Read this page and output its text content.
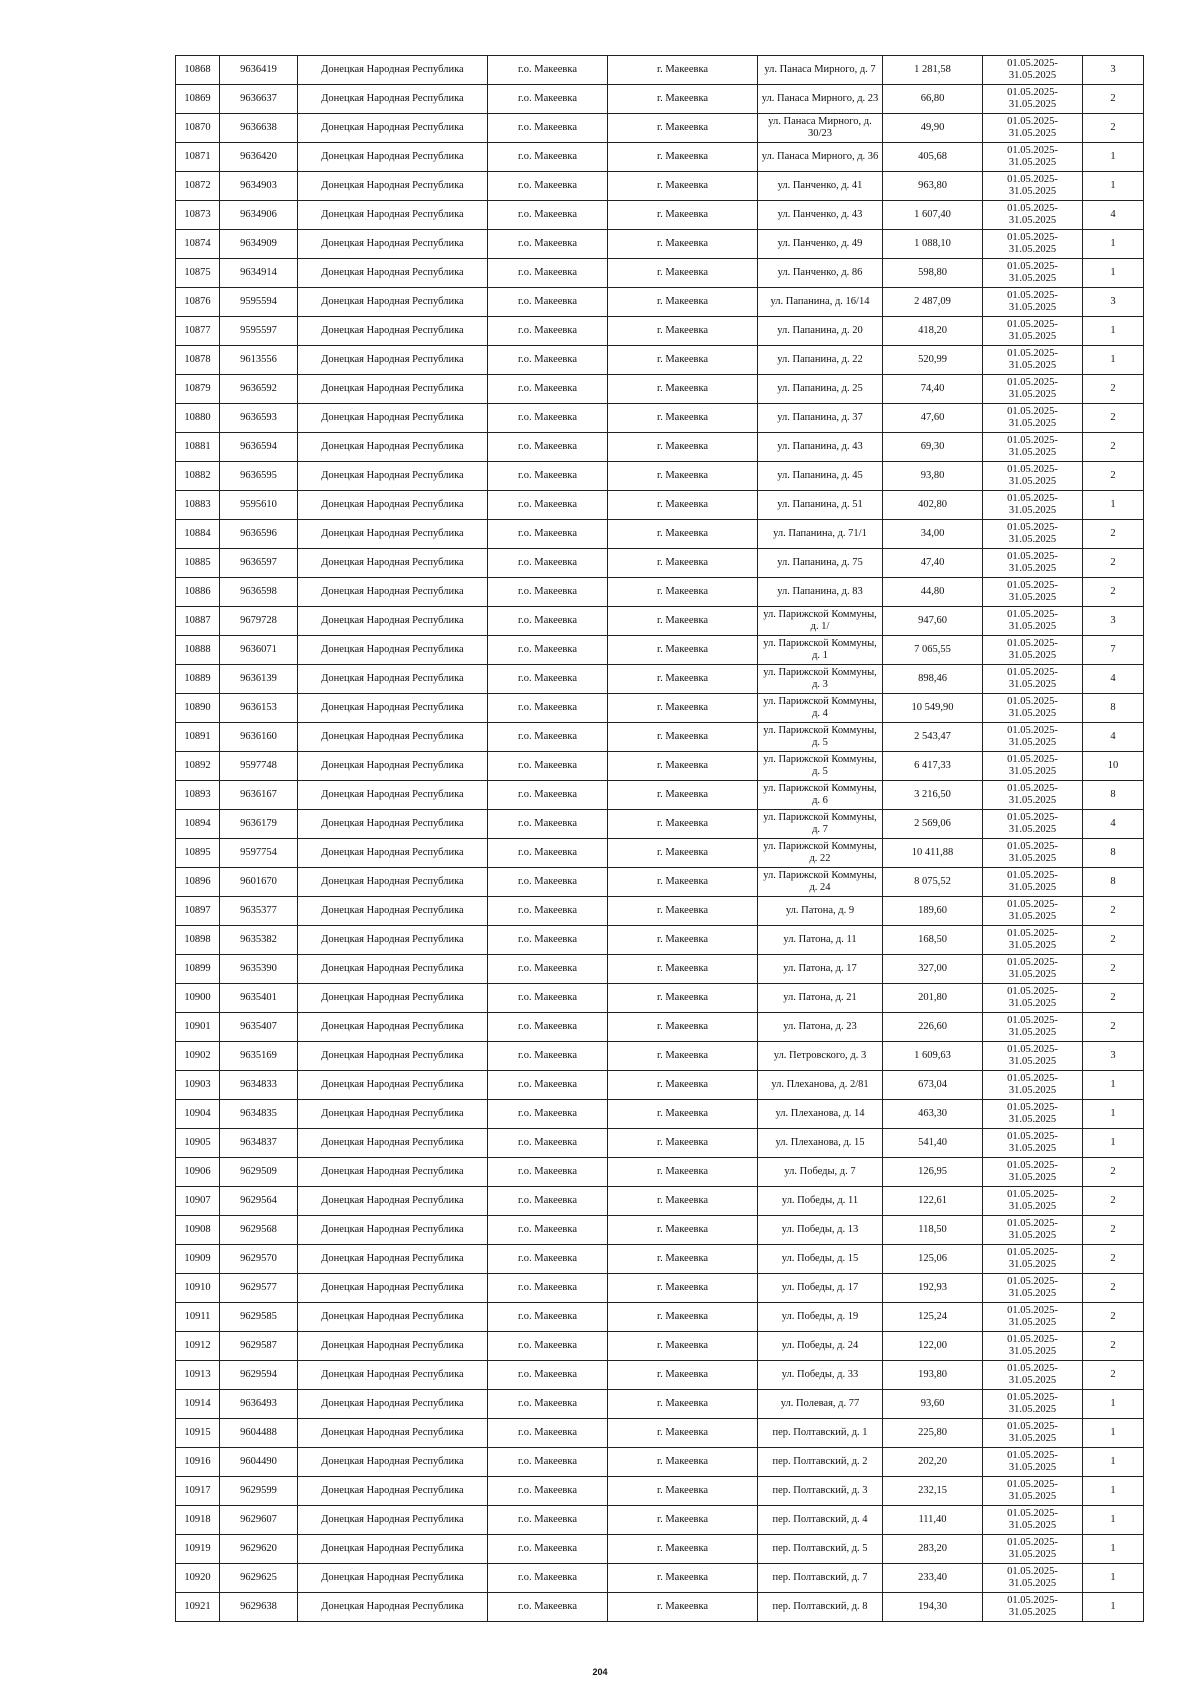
10868	9636419	Донецкая Народная Республика	г.о. Макеевка	г. Макеевка	ул. Панаса Мирного, д. 7	1 281,58	01.05.2025- 31.05.2025	3
10869	9636637	Донецкая Народная Республика	г.о. Макеевка	г. Макеевка	ул. Панаса Мирного, д. 23	66,80	01.05.2025- 31.05.2025	2
10870	9636638	Донецкая Народная Республика	г.о. Макеевка	г. Макеевка	ул. Панаса Мирного, д. 30/23	49,90	01.05.2025- 31.05.2025	2
10871	9636420	Донецкая Народная Республика	г.о. Макеевка	г. Макеевка	ул. Панаса Мирного, д. 36	405,68	01.05.2025- 31.05.2025	1
10872	9634903	Донецкая Народная Республика	г.о. Макеевка	г. Макеевка	ул. Панченко, д. 41	963,80	01.05.2025- 31.05.2025	1
10873	9634906	Донецкая Народная Республика	г.о. Макеевка	г. Макеевка	ул. Панченко, д. 43	1 607,40	01.05.2025- 31.05.2025	4
10874	9634909	Донецкая Народная Республика	г.о. Макеевка	г. Макеевка	ул. Панченко, д. 49	1 088,10	01.05.2025- 31.05.2025	1
10875	9634914	Донецкая Народная Республика	г.о. Макеевка	г. Макеевка	ул. Панченко, д. 86	598,80	01.05.2025- 31.05.2025	1
10876	9595594	Донецкая Народная Республика	г.о. Макеевка	г. Макеевка	ул. Папанина, д. 16/14	2 487,09	01.05.2025- 31.05.2025	3
10877	9595597	Донецкая Народная Республика	г.о. Макеевка	г. Макеевка	ул. Папанина, д. 20	418,20	01.05.2025- 31.05.2025	1
10878	9613556	Донецкая Народная Республика	г.о. Макеевка	г. Макеевка	ул. Папанина, д. 22	520,99	01.05.2025- 31.05.2025	1
10879	9636592	Донецкая Народная Республика	г.о. Макеевка	г. Макеевка	ул. Папанина, д. 25	74,40	01.05.2025- 31.05.2025	2
10880	9636593	Донецкая Народная Республика	г.о. Макеевка	г. Макеевка	ул. Папанина, д. 37	47,60	01.05.2025- 31.05.2025	2
10881	9636594	Донецкая Народная Республика	г.о. Макеевка	г. Макеевка	ул. Папанина, д. 43	69,30	01.05.2025- 31.05.2025	2
10882	9636595	Донецкая Народная Республика	г.о. Макеевка	г. Макеевка	ул. Папанина, д. 45	93,80	01.05.2025- 31.05.2025	2
10883	9595610	Донецкая Народная Республика	г.о. Макеевка	г. Макеевка	ул. Папанина, д. 51	402,80	01.05.2025- 31.05.2025	1
10884	9636596	Донецкая Народная Республика	г.о. Макеевка	г. Макеевка	ул. Папанина, д. 71/1	34,00	01.05.2025- 31.05.2025	2
10885	9636597	Донецкая Народная Республика	г.о. Макеевка	г. Макеевка	ул. Папанина, д. 75	47,40	01.05.2025- 31.05.2025	2
10886	9636598	Донецкая Народная Республика	г.о. Макеевка	г. Макеевка	ул. Папанина, д. 83	44,80	01.05.2025- 31.05.2025	2
10887	9679728	Донецкая Народная Республика	г.о. Макеевка	г. Макеевка	ул. Парижской Коммуны, д. 1/	947,60	01.05.2025- 31.05.2025	3
10888	9636071	Донецкая Народная Республика	г.о. Макеевка	г. Макеевка	ул. Парижской Коммуны, д. 1	7 065,55	01.05.2025- 31.05.2025	7
10889	9636139	Донецкая Народная Республика	г.о. Макеевка	г. Макеевка	ул. Парижской Коммуны, д. 3	898,46	01.05.2025- 31.05.2025	4
10890	9636153	Донецкая Народная Республика	г.о. Макеевка	г. Макеевка	ул. Парижской Коммуны, д. 4	10 549,90	01.05.2025- 31.05.2025	8
10891	9636160	Донецкая Народная Республика	г.о. Макеевка	г. Макеевка	ул. Парижской Коммуны, д. 5	2 543,47	01.05.2025- 31.05.2025	4
10892	9597748	Донецкая Народная Республика	г.о. Макеевка	г. Макеевка	ул. Парижской Коммуны, д. 5	6 417,33	01.05.2025- 31.05.2025	10
10893	9636167	Донецкая Народная Республика	г.о. Макеевка	г. Макеевка	ул. Парижской Коммуны, д. 6	3 216,50	01.05.2025- 31.05.2025	8
10894	9636179	Донецкая Народная Республика	г.о. Макеевка	г. Макеевка	ул. Парижской Коммуны, д. 7	2 569,06	01.05.2025- 31.05.2025	4
10895	9597754	Донецкая Народная Республика	г.о. Макеевка	г. Макеевка	ул. Парижской Коммуны, д. 22	10 411,88	01.05.2025- 31.05.2025	8
10896	9601670	Донецкая Народная Республика	г.о. Макеевка	г. Макеевка	ул. Парижской Коммуны, д. 24	8 075,52	01.05.2025- 31.05.2025	8
10897	9635377	Донецкая Народная Республика	г.о. Макеевка	г. Макеевка	ул. Патона, д. 9	189,60	01.05.2025- 31.05.2025	2
10898	9635382	Донецкая Народная Республика	г.о. Макеевка	г. Макеевка	ул. Патона, д. 11	168,50	01.05.2025- 31.05.2025	2
10899	9635390	Донецкая Народная Республика	г.о. Макеевка	г. Макеевка	ул. Патона, д. 17	327,00	01.05.2025- 31.05.2025	2
10900	9635401	Донецкая Народная Республика	г.о. Макеевка	г. Макеевка	ул. Патона, д. 21	201,80	01.05.2025- 31.05.2025	2
10901	9635407	Донецкая Народная Республика	г.о. Макеевка	г. Макеевка	ул. Патона, д. 23	226,60	01.05.2025- 31.05.2025	2
10902	9635169	Донецкая Народная Республика	г.о. Макеевка	г. Макеевка	ул. Петровского, д. 3	1 609,63	01.05.2025- 31.05.2025	3
10903	9634833	Донецкая Народная Республика	г.о. Макеевка	г. Макеевка	ул. Плеханова, д. 2/81	673,04	01.05.2025- 31.05.2025	1
10904	9634835	Донецкая Народная Республика	г.о. Макеевка	г. Макеевка	ул. Плеханова, д. 14	463,30	01.05.2025- 31.05.2025	1
10905	9634837	Донецкая Народная Республика	г.о. Макеевка	г. Макеевка	ул. Плеханова, д. 15	541,40	01.05.2025- 31.05.2025	1
10906	9629509	Донецкая Народная Республика	г.о. Макеевка	г. Макеевка	ул. Победы, д. 7	126,95	01.05.2025- 31.05.2025	2
10907	9629564	Донецкая Народная Республика	г.о. Макеевка	г. Макеевка	ул. Победы, д. 11	122,61	01.05.2025- 31.05.2025	2
10908	9629568	Донецкая Народная Республика	г.о. Макеевка	г. Макеевка	ул. Победы, д. 13	118,50	01.05.2025- 31.05.2025	2
10909	9629570	Донецкая Народная Республика	г.о. Макеевка	г. Макеевка	ул. Победы, д. 15	125,06	01.05.2025- 31.05.2025	2
10910	9629577	Донецкая Народная Республика	г.о. Макеевка	г. Макеевка	ул. Победы, д. 17	192,93	01.05.2025- 31.05.2025	2
10911	9629585	Донецкая Народная Республика	г.о. Макеевка	г. Макеевка	ул. Победы, д. 19	125,24	01.05.2025- 31.05.2025	2
10912	9629587	Донецкая Народная Республика	г.о. Макеевка	г. Макеевка	ул. Победы, д. 24	122,00	01.05.2025- 31.05.2025	2
10913	9629594	Донецкая Народная Республика	г.о. Макеевка	г. Макеевка	ул. Победы, д. 33	193,80	01.05.2025- 31.05.2025	2
10914	9636493	Донецкая Народная Республика	г.о. Макеевка	г. Макеевка	ул. Полевая, д. 77	93,60	01.05.2025- 31.05.2025	1
10915	9604488	Донецкая Народная Республика	г.о. Макеевка	г. Макеевка	пер. Полтавский, д. 1	225,80	01.05.2025- 31.05.2025	1
10916	9604490	Донецкая Народная Республика	г.о. Макеевка	г. Макеевка	пер. Полтавский, д. 2	202,20	01.05.2025- 31.05.2025	1
10917	9629599	Донецкая Народная Республика	г.о. Макеевка	г. Макеевка	пер. Полтавский, д. 3	232,15	01.05.2025- 31.05.2025	1
10918	9629607	Донецкая Народная Республика	г.о. Макеевка	г. Макеевка	пер. Полтавский, д. 4	111,40	01.05.2025- 31.05.2025	1
10919	9629620	Донецкая Народная Республика	г.о. Макеевка	г. Макеевка	пер. Полтавский, д. 5	283,20	01.05.2025- 31.05.2025	1
10920	9629625	Донецкая Народная Республика	г.о. Макеевка	г. Макеевка	пер. Полтавский, д. 7	233,40	01.05.2025- 31.05.2025	1
10921	9629638	Донецкая Народная Республика	г.о. Макеевка	г. Макеевка	пер. Полтавский, д. 8	194,30	01.05.2025- 31.05.2025	1
204
